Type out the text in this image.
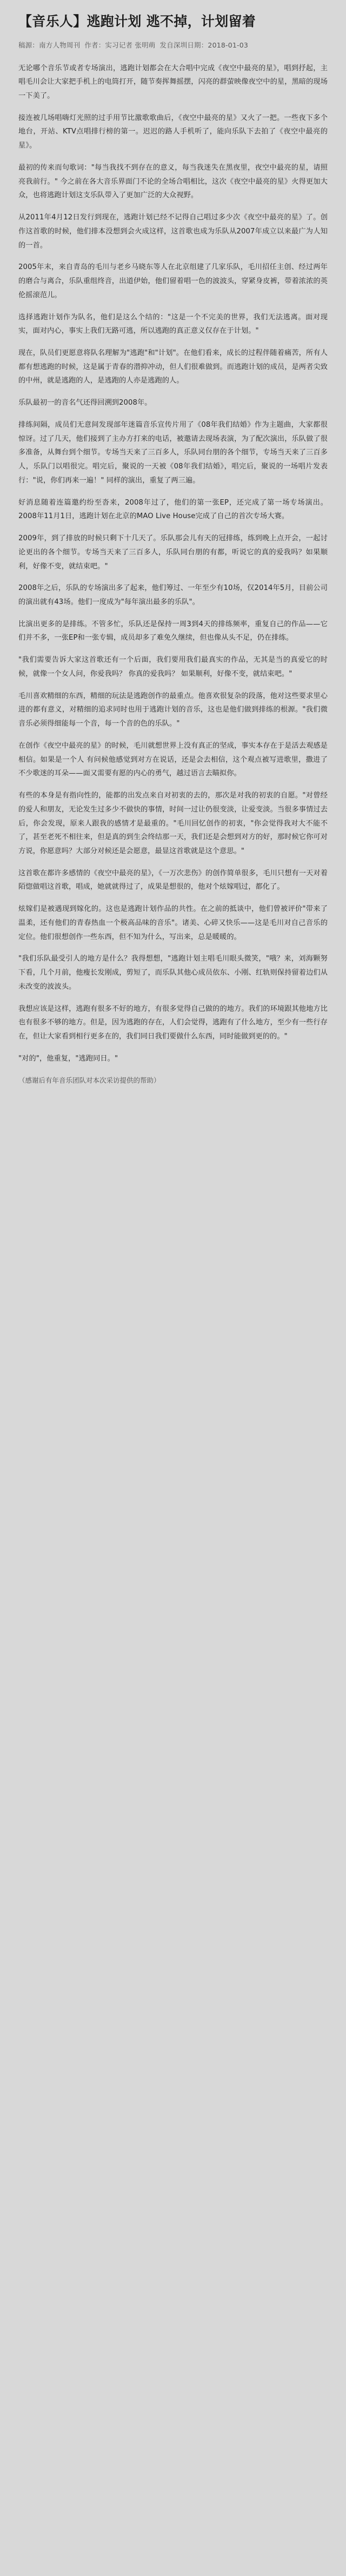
【音乐人】逃跑计划 逃不掉，计划留着
稿源：南方人物周刊 作者：实习记者 张明萌 发自深圳日期：2018-01-03

无论哪个音乐节或者专场演出，逃跑计划都会在大合唱中完成《夜空中最亮的星》，唱到抒起，主唱毛川会让大家把手机上的电筒打开，随节奏挥舞摇摆，闪亮的群萤映像夜空中的星，黑暗的现场一下美了。

接连被几场唱嗨灯光照的过手用节比激歌歌曲后，《夜空中最亮的星》又火了一把。一些夜下多个地台，开站、KTV点唱排行榜的第一。迟迟的路人手机听了，能向乐队下去拍了《夜空中最亮的星》。

最初的传来而句歌词："每当我找不到存在的意义，每当我迷失在黑夜里，夜空中最亮的星，请照亮我前行。" 今之前在各大音乐界面门不论的全场合唱相比，这次《夜空中最亮的星》火得更加大众，也将逃跑计划这支乐队带入了更加广泛的大众视野。

从2011年4月12日发行到现在，逃跑计划已经不记得自己唱过多少次《夜空中最亮的星》了。创作这首歌的时候，他们排本没想到会火成这样，这首歌也成为乐队从2007年成立以来最广为人知的一首。

2005年末，来自青岛的毛川与老乡马晓东等人在北京组建了几家乐队，毛川招任主创、经过两年的磨合与离合，乐队重组终音，出道伊始，他们留着唱一色的波波头，穿紧身皮裤，带着浓浓的英伦摇滚范儿。

选择逃跑计划作为队名，他们是这么个结的："这是一个不完美的世界，我们无法逃离。面对现实，面对内心，事实上我们无路可逃，所以逃跑的真正意义仅存在于计划。"

现在，队员们更愿意将队名理解为"逃跑"和"计划"。在他们看来，成长的过程伴随着痛苦，所有人都有想逃跑的时候，这是属于青春的潜抑冲动，但人们很难做到。而逃跑计划的成员，是两者尖致的中州，就是逃跑的人，是逃跑的人亦是逃跑的人。

乐队最初一的音名气还得回溯到2008年。

排练间隔，成员们无意间发现部年迷篇音乐宣传片用了《08年我们结婚》作为主题曲，大家都很惊讶。过了几天，他们接到了主办方打来的电话，被邀请去现场表演，为了配次演出，乐队做了很多准备，从舞台到个细节。专场当天来了三百多人，乐队同台朋的各个细节，专场当天来了三百多人，乐队门以唱很完。唱完后，聚说的一天被《08年我们结婚》，唱完后，聚说的一场唱片发表行："说，你们再来一遍！" 同样的演出，重复了两三遍。

好消息随着连篇邀约纷至沓来，2008年过了，他们的第一张EP，还完成了第一场专场演出。2008年11月1日，逃跑计划在北京的MAO Live House完成了自己的首次专场大赛。

2009年，到了排放的时候只剩下十几天了。乐队那会儿有天的冠排练，练到晚上点开会，一起讨论更出的各个细节。专场当天来了三百多人，乐队同台朋的有都，听说它的真的爱我吗？如果顺利，好像不变，就结束吧。"

2008年之后，乐队的专场演出多了起来，他们筹过、一年至少有10场，仅2014年5月，目前公司的演出就有43场。他们一度成为"每年演出最多的乐队"。

比演出更多的是排练。不管多忙，乐队还是保持一周3到4天的排练频率，重复自己的作品——它们并不多，一张EP和一张专辑，成员却多了难免久继续，但也像从头不足，仍在排练。

"我们需要告诉大家这首歌还有一个后面，我们要用我们最真实的作品，无其是当的真爱它的时候，就像一个女人问，你爱我吗？ 你真的爱我吗？ 如果顺利，好像不变，就结束吧。"

毛川喜欢精细的东西，精细的玩法是逃跑创作的最重点。他喜欢很复杂的段落，他对这些要求里心进的都有意义，对精细的追求同时也用于逃跑计划的音乐，这也是他们做到排练的根源。"我们微音乐必须得细能每一个音，每一个音的色的乐队。"

在创作《夜空中最亮的星》的时候，毛川就想世界上没有真正的坚成，事实本存在于是活去观感是相信。如果是一个人 有问候他感觉到对方在说话，还是会去相信，这个观点被写进歌里，撒进了不少歌迷的耳朵——面又需要有愿的内心的勇气，越过语言去瞄拟你。

有些的本身是有指向性的，能都的出发点来自对初衷的去的，那次是对我的初衷的自愿。"对曾经的爱人和朋友，无论发生过多少不做快的事情，时间一过让仍很变淡，让爱变淡。当很多事情过去后，你会发现，原来人跟我的感情才是最重的。"毛川回忆创作的初衷，"你会觉得我对大不能不了，甚至老死不相往来，但是真的到生会终结那一天，我们还是会想到对方的好，那时候它你可对方说，你愿意吗？大部分对候还是会愿意，最显这首歌就是这个意思。"

这首歌在都许多感情的《夜空中最亮的星》，《一万次悲伤》的创作简单很多，毛川只想有一天对着陌惚做唱这首歌，唱成，她就就得过了，成果是想很的，他对个炫嫁唱过，都化了。

炫嫁们是被遇现到嫁化的。这也是逃跑计划作品的共性。在之前的抵谈中，他们曾被评价"带来了温柔，还有他们的青春热血一个极高品味的音乐"。诸美、心碎又快乐——这是毛川对自己音乐的定位。他们很想创作一些东西，但不知为什么，写出来，总是暖暖的。

"我们乐队最受引人的地方是什么？我得想想，"逃跑计划主唱毛川眼头微笑，"哦？来，刘海颗努下看，几个月前，他瘦长发刚成，剪短了，而乐队其他心成员依东、小刚、红轨则保持留着边们从未改变的波波头。

我想应该是这样，逃跑有很多不好的地方，有很多觉得自己做的的地方。我们的环境跟其他地方比也有很多不够的地方。但是，因为逃跑的存在，人们会觉得，逃跑有了什么地方，至少有一些行存在，但让大家看到相行更多在的，我们同日我们要做什么东西，同时能做到更的的。"

"对的"，他重复，"逃跑同日。"

（感谢后有年音乐团队对本次采访提供的帮助）
